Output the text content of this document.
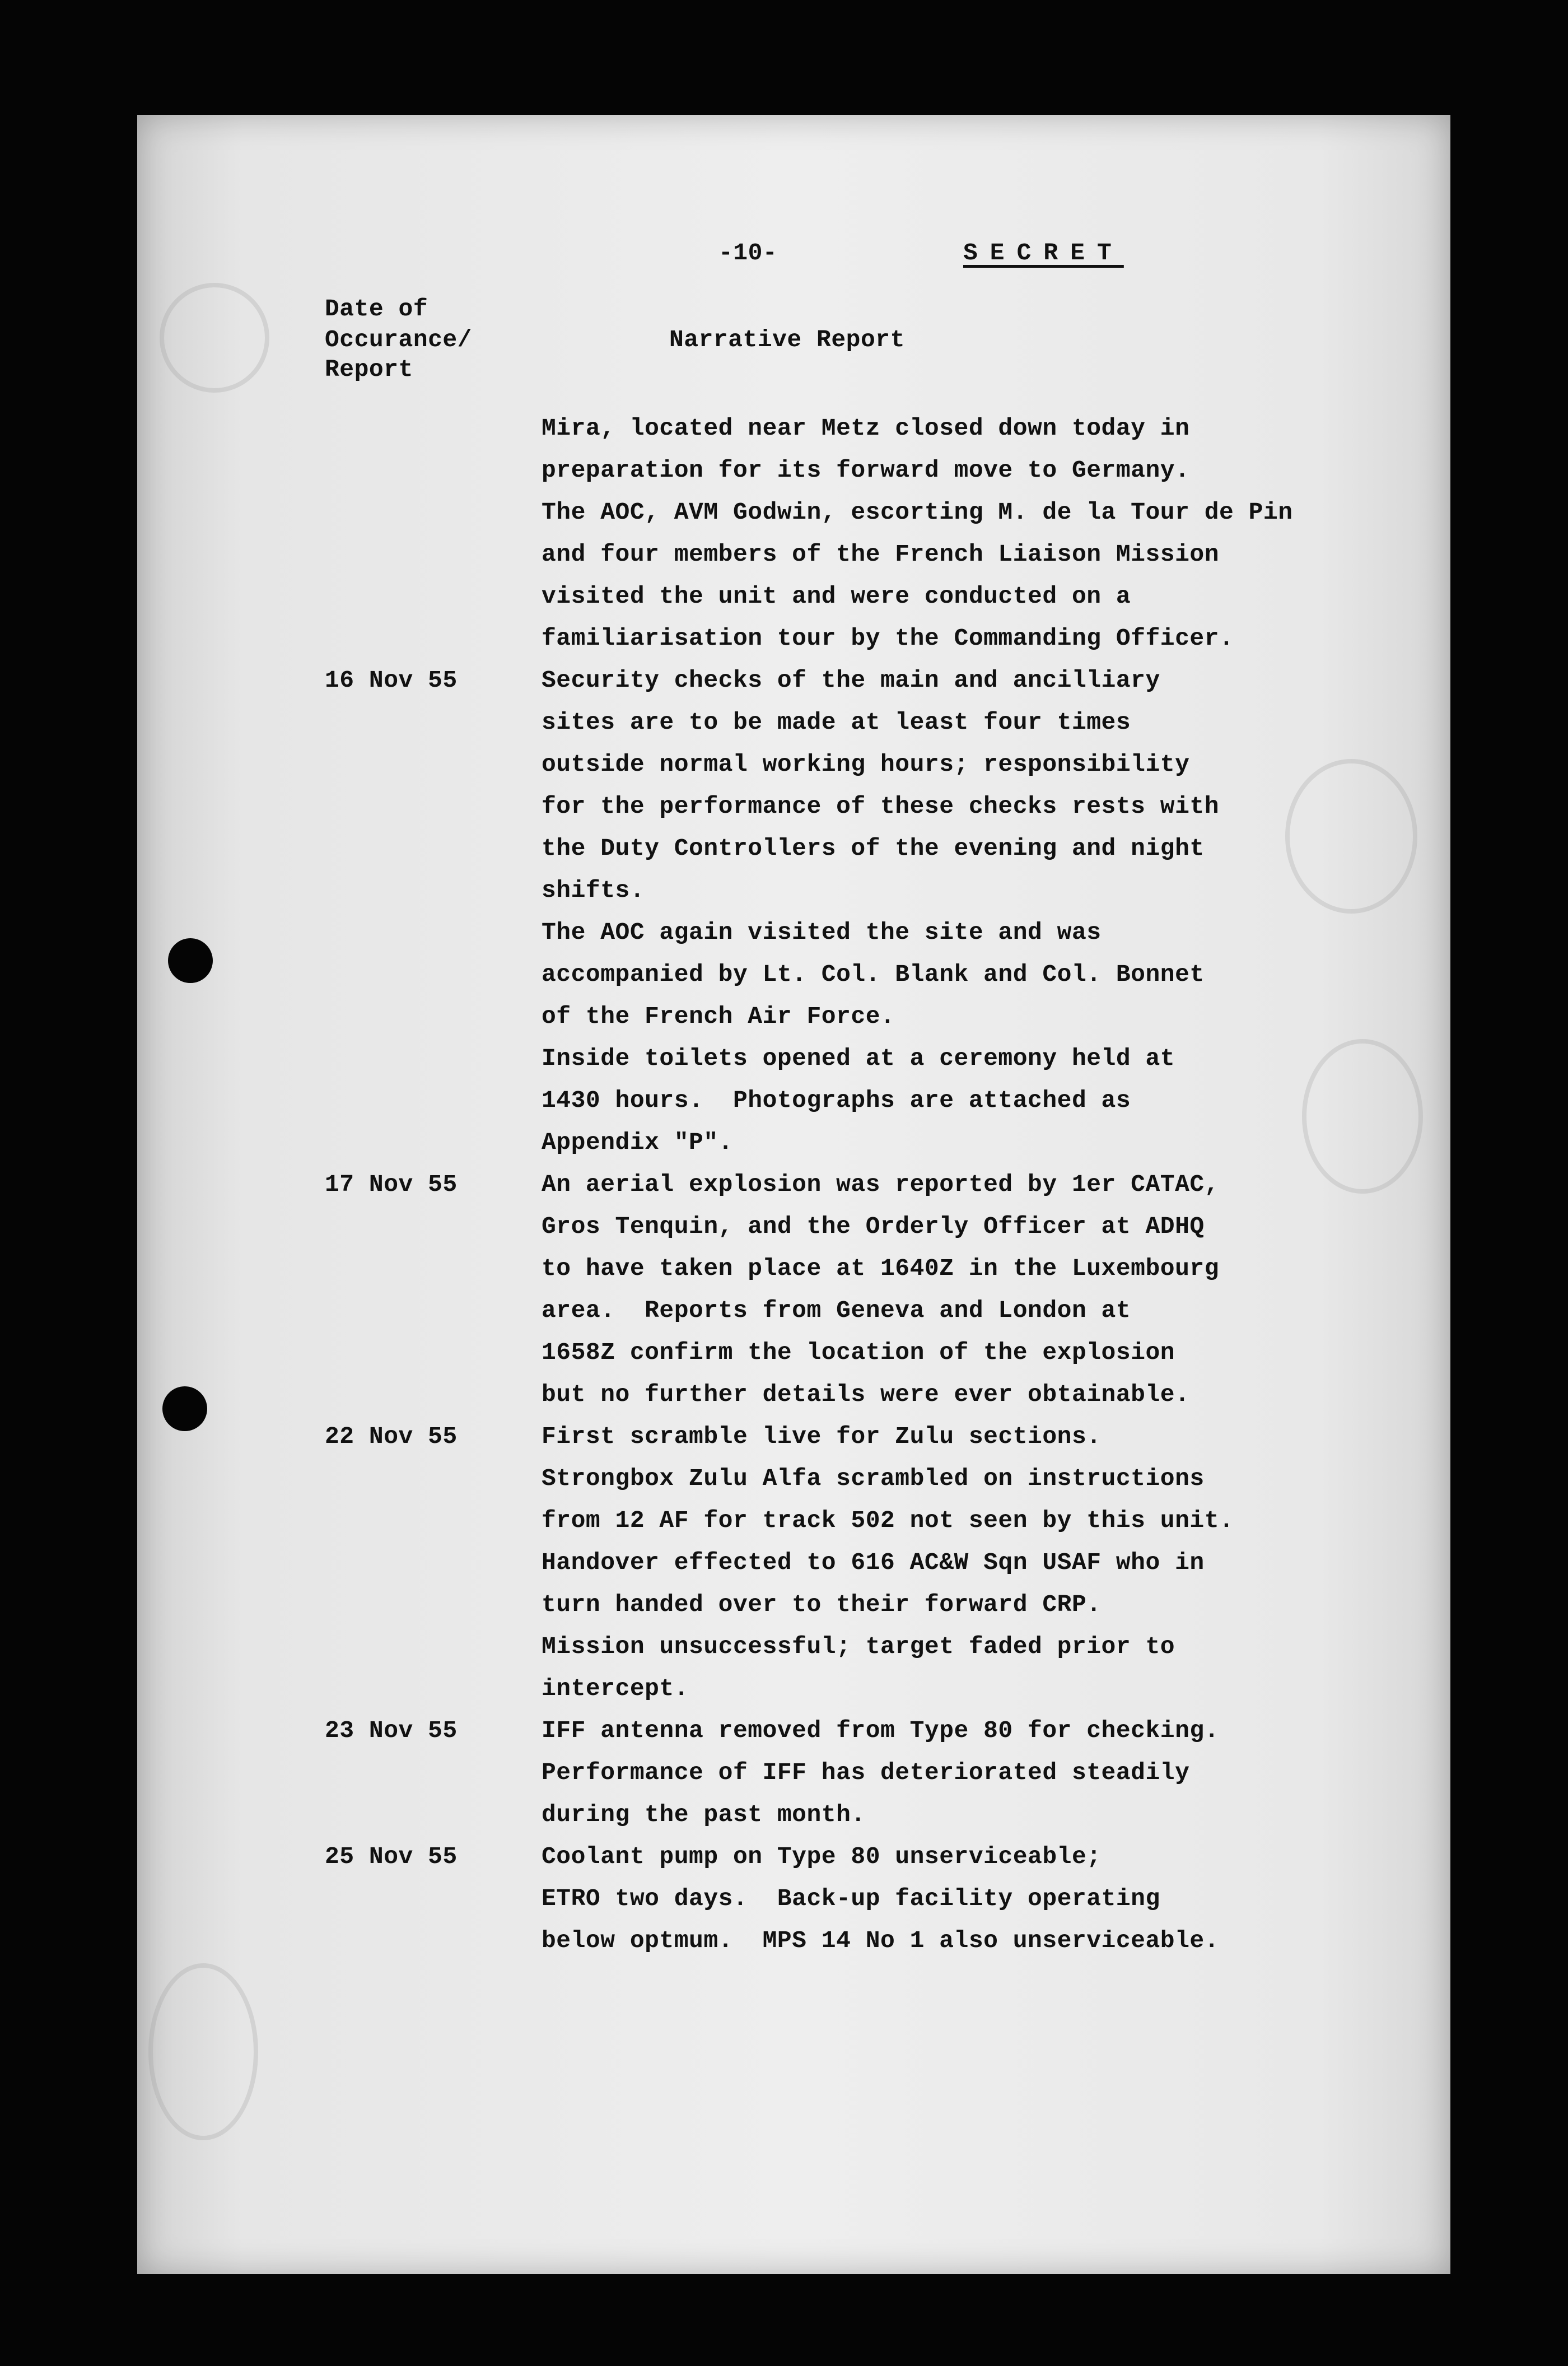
-10-	SECRET
Date of
Occurance/
Report
Narrative Report
Mira, located near Metz closed down today in
preparation for its forward move to Germany.
The AOC, AVM Godwin, escorting M. de la Tour de Pin
and four members of the French Liaison Mission
visited the unit and were conducted on a
familiarisation tour by the Commanding Officer.
16 Nov 55	Security checks of the main and ancilliary
sites are to be made at least four times
outside normal working hours; responsibility
for the performance of these checks rests with
the Duty Controllers of the evening and night
shifts.
The AOC again visited the site and was
accompanied by Lt. Col. Blank and Col. Bonnet
of the French Air Force.
Inside toilets opened at a ceremony held at
1430 hours.  Photographs are attached as
Appendix "P".
17 Nov 55	An aerial explosion was reported by 1er CATAC,
Gros Tenquin, and the Orderly Officer at ADHQ
to have taken place at 1640Z in the Luxembourg
area.  Reports from Geneva and London at
1658Z confirm the location of the explosion
but no further details were ever obtainable.
22 Nov 55	First scramble live for Zulu sections.
Strongbox Zulu Alfa scrambled on instructions
from 12 AF for track 502 not seen by this unit.
Handover effected to 616 AC&W Sqn USAF who in
turn handed over to their forward CRP.
Mission unsuccessful; target faded prior to
intercept.
23 Nov 55	IFF antenna removed from Type 80 for checking.
Performance of IFF has deteriorated steadily
during the past month.
25 Nov 55	Coolant pump on Type 80 unserviceable;
ETRO two days.  Back-up facility operating
below optmum.  MPS 14 No 1 also unserviceable.
